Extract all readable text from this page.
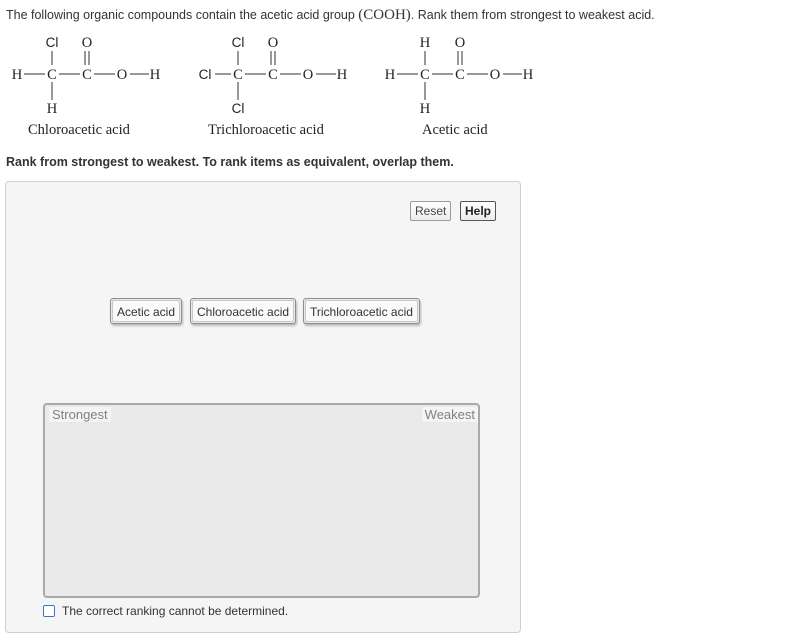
The following organic compounds contain the acetic acid group (COOH). Rank them from strongest to weakest acid.
Cl O
H C C O H
H
Cl O
Cl C C O H
Cl
H O
H C C O H
H
Chloroacetic acid	Trichloroacetic acid	Acetic acid
Rank from strongest to weakest. To rank items as equivalent, overlap them.
Reset	Help
Acetic acid	Chloroacetic acid	Trichloroacetic acid
Strongest	Weakest
The correct ranking cannot be determined.
